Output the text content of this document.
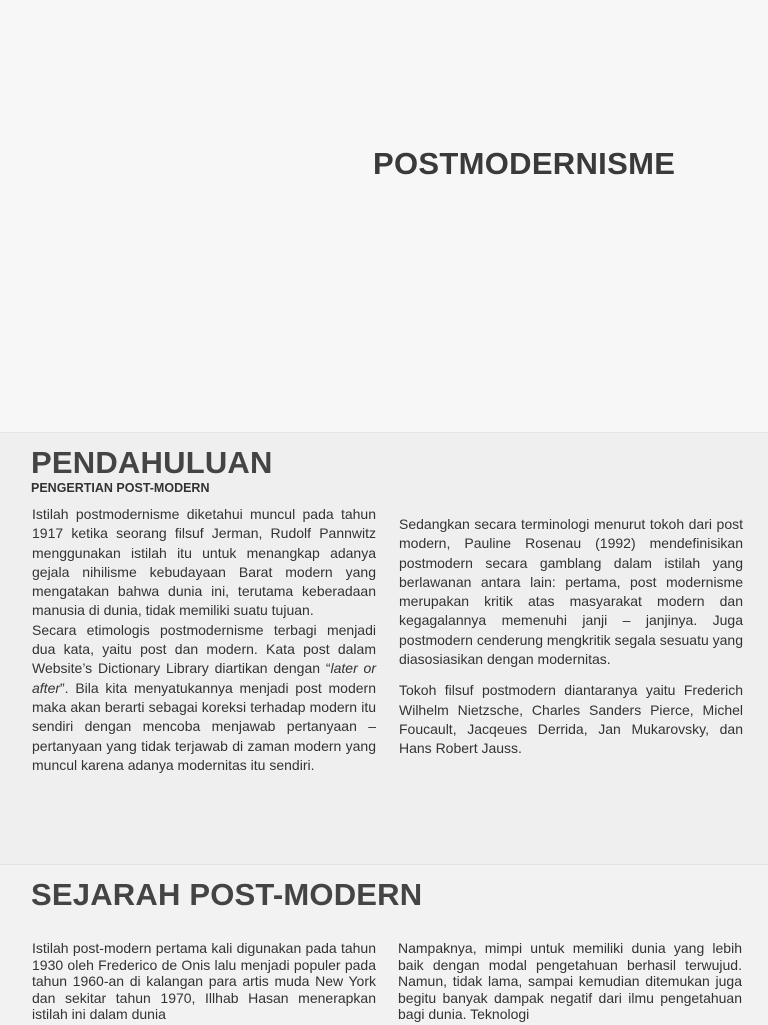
POSTMODERNISME
PENDAHULUAN
PENGERTIAN POST-MODERN

Istilah postmodernisme diketahui muncul pada tahun 1917 ketika seorang filsuf Jerman, Rudolf Pannwitz menggunakan istilah itu untuk menangkap adanya gejala nihilisme kebudayaan Barat modern yang mengatakan bahwa dunia ini, terutama keberadaan manusia di dunia, tidak memiliki suatu tujuan.

Secara etimologis postmodernisme terbagi menjadi dua kata, yaitu post dan modern. Kata post dalam Website’s Dictionary Library diartikan dengan “later or after”. Bila kita menyatukannya menjadi post modern maka akan berarti sebagai koreksi terhadap modern itu sendiri dengan mencoba menjawab pertanyaan – pertanyaan yang tidak terjawab di zaman modern yang muncul karena adanya modernitas itu sendiri.

Sedangkan secara terminologi menurut tokoh dari post modern, Pauline Rosenau (1992) mendefinisikan postmodern secara gamblang dalam istilah yang berlawanan antara lain: pertama, post modernisme merupakan kritik atas masyarakat modern dan kegagalannya memenuhi janji – janjinya. Juga postmodern cenderung mengkritik segala sesuatu yang diasosiasikan dengan modernitas.

Tokoh filsuf postmodern diantaranya yaitu Frederich Wilhelm Nietzsche, Charles Sanders Pierce, Michel Foucault, Jacqeues Derrida, Jan Mukarovsky, dan Hans Robert Jauss.

SEJARAH POST-MODERN

Istilah post-modern pertama kali digunakan pada tahun 1930 oleh Frederico de Onis lalu menjadi populer pada tahun 1960-an di kalangan para artis muda New York dan sekitar tahun 1970, Illhab Hasan menerapkan istilah ini dalam dunia

Nampaknya, mimpi untuk memiliki dunia yang lebih baik dengan modal pengetahuan berhasil terwujud. Namun, tidak lama, sampai kemudian ditemukan juga begitu banyak dampak negatif dari ilmu pengetahuan bagi dunia. Teknologi
